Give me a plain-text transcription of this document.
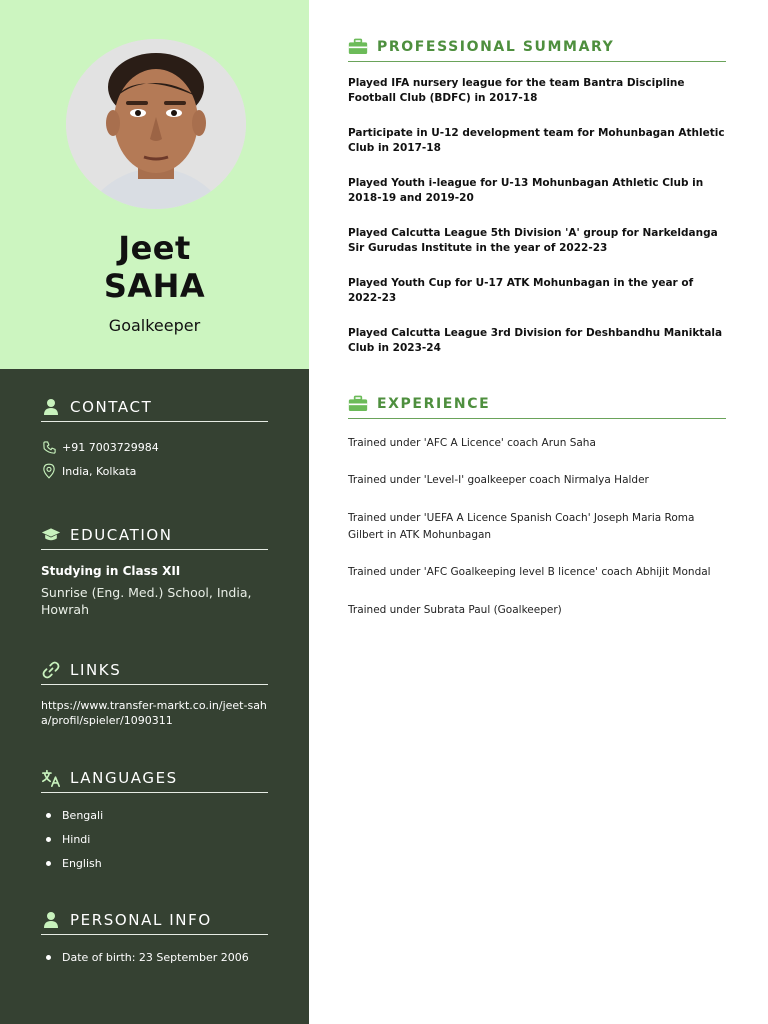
Jeet
SAHA
Goalkeeper
CONTACT
+91 7003729984
India, Kolkata
EDUCATION
Studying in Class XII
Sunrise (Eng. Med.) School, India, Howrah
LINKS
https://www.transfer-markt.co.in/jeet-saha/profil/spieler/1090311
LANGUAGES
Bengali
Hindi
English
PERSONAL INFO
Date of birth: 23 September 2006
PROFESSIONAL SUMMARY
Played IFA nursery league for the team Bantra Discipline Football Club (BDFC) in 2017-18
Participate in U-12 development team for Mohunbagan Athletic Club in 2017-18
Played Youth i-league for U-13 Mohunbagan Athletic Club in 2018-19 and 2019-20
Played Calcutta League 5th Division 'A' group for Narkeldanga Sir Gurudas Institute in the year of 2022-23
Played Youth Cup for U-17 ATK Mohunbagan in the year of 2022-23
Played Calcutta League 3rd Division for Deshbandhu Maniktala Club in 2023-24
EXPERIENCE
Trained under 'AFC A Licence' coach Arun Saha
Trained under 'Level-I' goalkeeper coach Nirmalya Halder
Trained under 'UEFA A Licence Spanish Coach' Joseph Maria Roma Gilbert in ATK Mohunbagan
Trained under 'AFC Goalkeeping level B licence' coach Abhijit Mondal
Trained under Subrata Paul (Goalkeeper)
